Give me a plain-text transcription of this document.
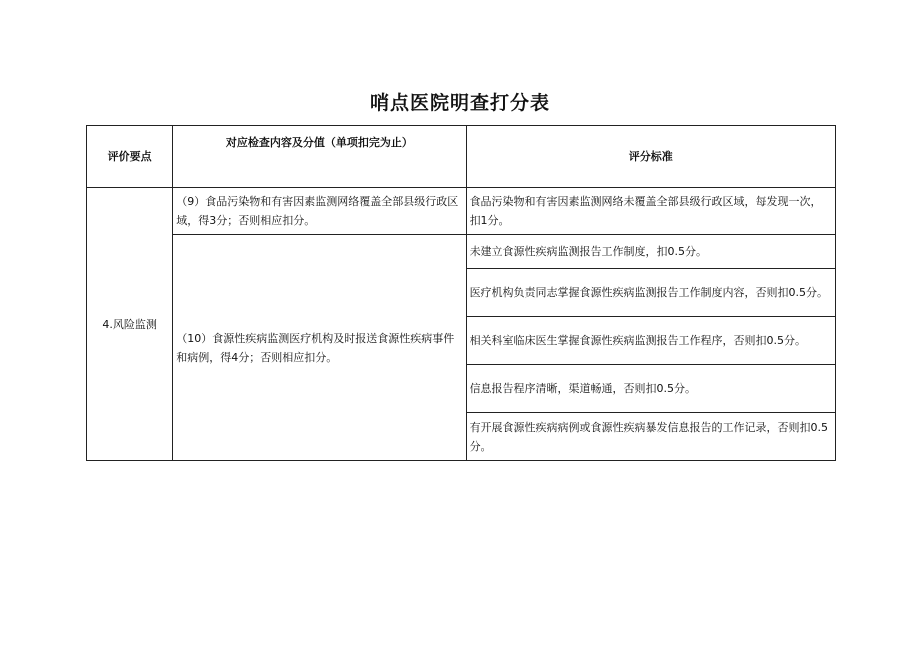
哨点医院明查打分表
评价要点	对应检查内容及分值（单项扣完为止）	评分标准
4.风险监测	（9）食品污染物和有害因素监测网络覆盖全部县级行政区域，得3分；否则相应扣分。	食品污染物和有害因素监测网络未覆盖全部县级行政区域，每发现一次，扣1分。
	（10）食源性疾病监测医疗机构及时报送食源性疾病事件和病例，得4分；否则相应扣分。	未建立食源性疾病监测报告工作制度，扣0.5分。
		医疗机构负责同志掌握食源性疾病监测报告工作制度内容，否则扣0.5分。
		相关科室临床医生掌握食源性疾病监测报告工作程序，否则扣0.5分。
		信息报告程序清晰，渠道畅通，否则扣0.5分。
		有开展食源性疾病病例或食源性疾病暴发信息报告的工作记录，否则扣0.5分。
